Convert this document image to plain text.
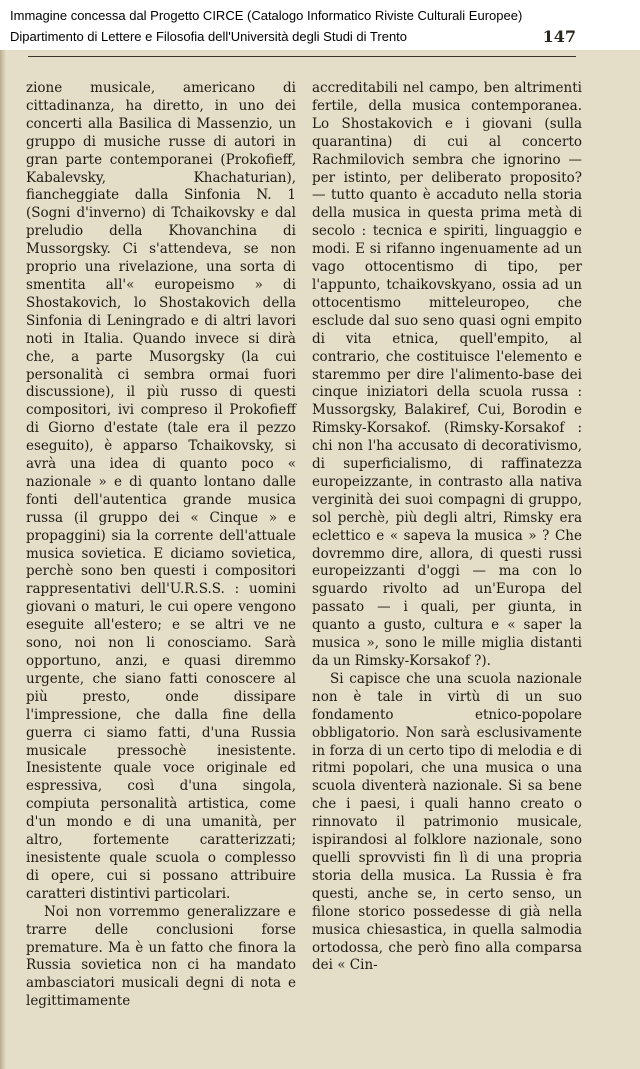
Immagine concessa dal Progetto CIRCE (Catalogo Informatico Riviste Culturali Europee)
Dipartimento di Lettere e Filosofia dell'Università degli Studi di Trento	147

zione musicale, americano di cittadinanza, ha diretto, in uno dei concerti alla Basilica di Massenzio, un gruppo di musiche russe di autori in gran parte contemporanei (Prokofieff, Kabalevsky, Khachaturian), fiancheggiate dalla Sinfonia N. 1 (Sogni d'inverno) di Tchaikovsky e dal preludio della Khovanchina di Mussorgsky. Ci s'attendeva, se non proprio una rivelazione, una sorta di smentita all'« europeismo » di Shostakovich, lo Shostakovich della Sinfonia di Leningrado e di altri lavori noti in Italia. Quando invece si dirà che, a parte Musorgsky (la cui personalità ci sembra ormai fuori discussione), il più russo di questi compositori, ivi compreso il Prokofieff di Giorno d'estate (tale era il pezzo eseguito), è apparso Tchaikovsky, si avrà una idea di quanto poco « nazionale » e di quanto lontano dalle fonti dell'autentica grande musica russa (il gruppo dei « Cinque » e propagginі) sia la corrente dell'attuale musica sovietica. E diciamo sovietica, perchè sono ben questi i compositori rappresentativi dell'U.R.S.S. : uomini giovani o maturi, le cui opere vengono eseguite all'estero; e se altri ve ne sono, noi non li conosciamo. Sarà opportuno, anzi, e quasi diremmo urgente, che siano fatti conoscere al più presto, onde dissipare l'impressione, che dalla fine della guerra ci siamo fatti, d'una Russia musicale pressochè inesistente. Inesistente quale voce originale ed espressiva, così d'una singola, compiuta personalità artistica, come d'un mondo e di una umanità, per altro, fortemente caratterizzati; inesistente quale scuola o complesso di opere, cui si possano attribuire caratteri distintivi particolari.

Noi non vorremmo generalizzare e trarre delle conclusioni forse premature. Ma è un fatto che finora la Russia sovietica non ci ha mandato ambasciatori musicali degni di nota e legittimamente

accreditabili nel campo, ben altrimenti fertile, della musica contemporanea. Lo Shostakovich e i giovani (sulla quarantina) di cui al concerto Rachmilovich sembra che ignorino — per istinto, per deliberato proposito? — tutto quanto è accaduto nella storia della musica in questa prima metà di secolo : tecnica e spiriti, linguaggio e modi. E si rifanno ingenuamente ad un vago ottocentismo di tipo, per l'appunto, tchaikovskyano, ossia ad un ottocentismo mitteleuropeo, che esclude dal suo seno quasi ogni empito di vita etnica, quell'empito, al contrario, che costituisce l'elemento e staremmo per dire l'alimento-base dei cinque iniziatori della scuola russa : Mussorgsky, Balakiref, Cui, Borodin e Rimsky-Korsakof. (Rimsky-Korsakof : chi non l'ha accusato di decorativismo, di superficialismo, di raffinatezza europeizzante, in contrasto alla nativa verginità dei suoi compagni di gruppo, sol perchè, più degli altri, Rimsky era eclettico e « sapeva la musica » ? Che dovremmo dire, allora, di questi russi europeizzanti d'oggi — ma con lo sguardo rivolto ad un'Europa del passato — i quali, per giunta, in quanto a gusto, cultura e « saper la musica », sono le mille miglia distanti da un Rimsky-Korsakof ?).

Si capisce che una scuola nazionale non è tale in virtù di un suo fondamento etnico-popolare obbligatorio. Non sarà esclusivamente in forza di un certo tipo di melodia e di ritmi popolari, che una musica o una scuola diventerà nazionale. Si sa bene che i paesi, i quali hanno creato o rinnovato il patrimonio musicale, ispirandosi al folklore nazionale, sono quelli sprovvisti fin lì di una propria storia della musica. La Russia è fra questi, anche se, in certo senso, un filone storico possedesse di già nella musica chiesastica, in quella salmodia ortodossa, che però fino alla comparsa dei « Cin-
